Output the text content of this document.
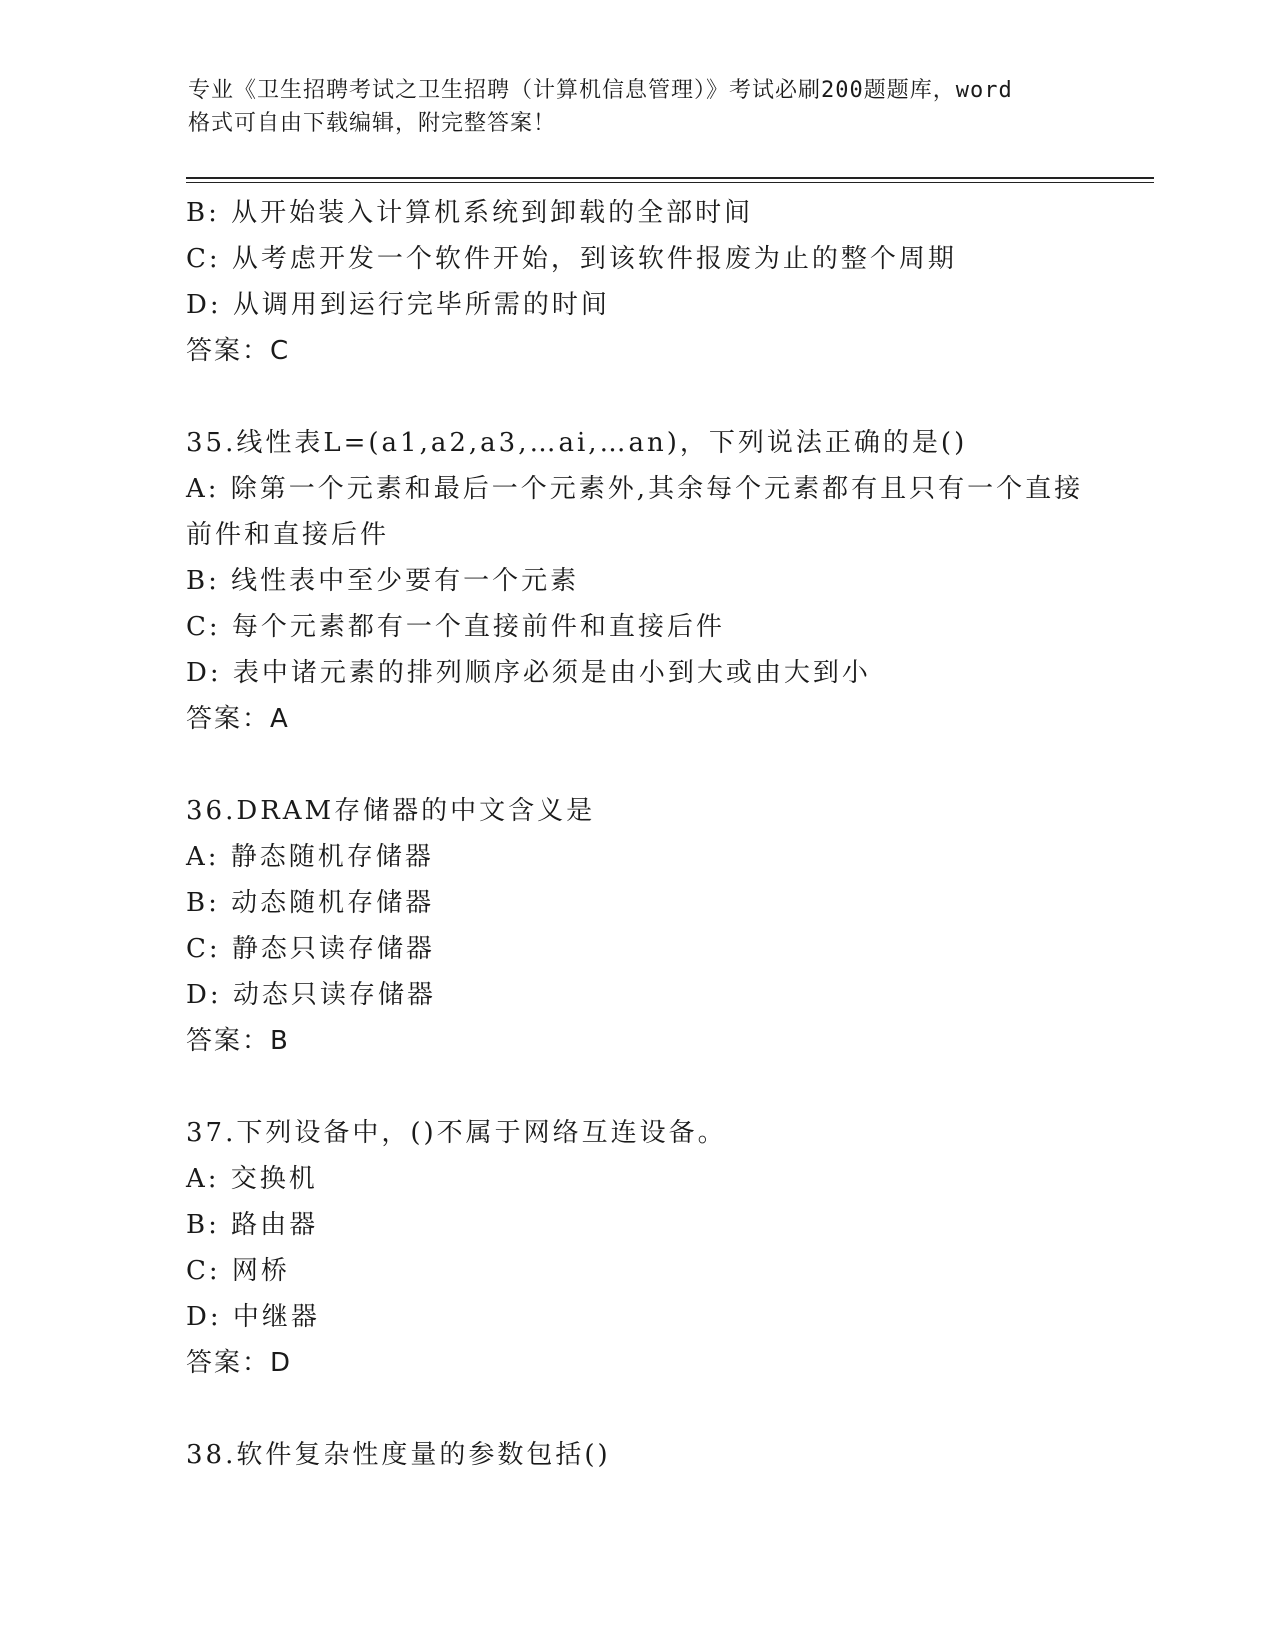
专业《卫生招聘考试之卫生招聘（计算机信息管理）》考试必刷200题题库，word
格式可自由下载编辑，附完整答案！
B: 从开始装入计算机系统到卸载的全部时间
C: 从考虑开发一个软件开始，到该软件报废为止的整个周期
D: 从调用到运行完毕所需的时间
答案：C
35.线性表L=(a1,a2,a3,…ai,…an)，下列说法正确的是()
A: 除第一个元素和最后一个元素外,其余每个元素都有且只有一个直接前件和直接后件
B: 线性表中至少要有一个元素
C: 每个元素都有一个直接前件和直接后件
D: 表中诸元素的排列顺序必须是由小到大或由大到小
答案：A
36.DRAM存储器的中文含义是
A: 静态随机存储器
B: 动态随机存储器
C: 静态只读存储器
D: 动态只读存储器
答案：B
37.下列设备中，()不属于网络互连设备。
A: 交换机
B: 路由器
C: 网桥
D: 中继器
答案：D
38.软件复杂性度量的参数包括()
